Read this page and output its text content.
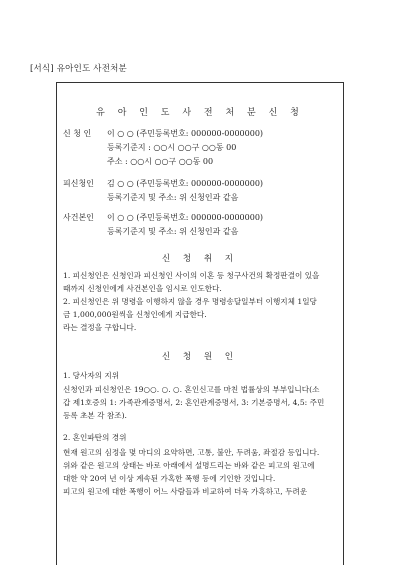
[서식] 유아인도 사전처분
유 아 인 도 사 전 처 분 신 청
신 청 인	이 ○ ○ (주민등록번호: 000000-0000000)
등록기준지 : ○○시 ○○구 ○○동 00
주소 : ○○시 ○○구 ○○동 00
피신청인	김 ○ ○ (주민등록번호: 000000-0000000)
등록기준지 및 주소: 위 신청인과 같음
사건본인	이 ○ ○ (주민등록번호: 000000-0000000)
등록기준지 및 주소: 위 신청인과 같음
신 청 취 지
1. 피신청인은 신청인과 피신청인 사이의 이혼 등 청구사건의 확정판결이 있을
때까지 신청인에게 사건본인을 임시로 인도한다.
2. 피신청인은 위 명령을 이행하지 않을 경우 명령송달일부터 이행지체 1일당
금 1,000,000원씩을 신청인에게 지급한다.
라는 결정을 구합니다.
신 청 원 인
1. 당사자의 지위
신청인과 피신청인은 19○○. ○. ○. 혼인신고를 마친 법률상의 부부입니다(소
갑 제1호증의 1: 가족관계증명서, 2: 혼인관계증명서, 3: 기본증명서, 4,5: 주민
등록 초본 각 참조).
2. 혼인파탄의 경위
현재 원고의 심정을 몇 마디의 요약하면, 고통, 불안, 두려움, 좌절감 등입니다.
위와 같은 원고의 상태는 바로 아래에서 설명드리는 바와 같은 피고의 원고에
대한 약 20여 년 이상 계속된 가혹한 폭행 등에 기인한 것입니다.
피고의 원고에 대한 폭행이 어느 사람들과 비교하여 더욱 가혹하고, 두려운
